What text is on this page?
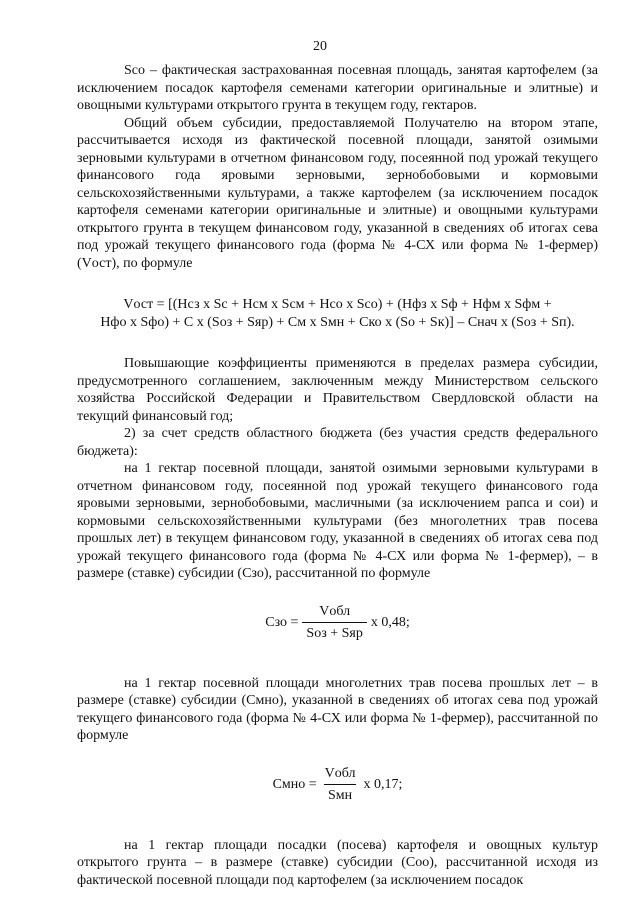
20

Sсо – фактическая застрахованная посевная площадь, занятая картофелем (за исключением посадок картофеля семенами категории оригинальные и элитные) и овощными культурами открытого грунта в текущем году, гектаров.

Общий объем субсидии, предоставляемой Получателю на втором этапе, рассчитывается исходя из фактической посевной площади, занятой озимыми зерновыми культурами в отчетном финансовом году, посеянной под урожай текущего финансового года яровыми зерновыми, зернобобовыми и кормовыми сельскохозяйственными культурами, а также картофелем (за исключением посадок картофеля семенами категории оригинальные и элитные) и овощными культурами открытого грунта в текущем финансовом году, указанной в сведениях об итогах сева под урожай текущего финансового года (форма № 4-СХ или форма № 1-фермер) (Vост), по формуле

Vост = [(Нсз x Sс + Нсм x Sсм + Нсо x Sсо) + (Нфз x Sф + Нфм x Sфм +
Нфо x Sфо) + C x (Sоз + Sяр) + Cм x Sмн + Cко x (Sо + Sк)] – Снач x (Sоз + Sп).

Повышающие коэффициенты применяются в пределах размера субсидии, предусмотренного соглашением, заключенным между Министерством сельского хозяйства Российской Федерации и Правительством Свердловской области на текущий финансовый год;

2) за счет средств областного бюджета (без участия средств федерального бюджета):

на 1 гектар посевной площади, занятой озимыми зерновыми культурами в отчетном финансовом году, посеянной под урожай текущего финансового года яровыми зерновыми, зернобобовыми, масличными (за исключением рапса и сои) и кормовыми сельскохозяйственными культурами (без многолетних трав посева прошлых лет) в текущем финансовом году, указанной в сведениях об итогах сева под урожай текущего финансового года (форма № 4-СХ или форма № 1-фермер), – в размере (ставке) субсидии (Сзо), рассчитанной по формуле

Сзо = $\frac{\text{Vобл}}{\text{Sоз + Sяр}}$ x 0,48;

на 1 гектар посевной площади многолетних трав посева прошлых лет – в размере (ставке) субсидии (Смно), указанной в сведениях об итогах сева под урожай текущего финансового года (форма № 4-СХ или форма № 1-фермер), рассчитанной по формуле

Смно = $\frac{\text{Vобл}}{\text{Sмн}}$ x 0,17;

на 1 гектар площади посадки (посева) картофеля и овощных культур открытого грунта – в размере (ставке) субсидии (Соо), рассчитанной исходя из фактической посевной площади под картофелем (за исключением посадок
